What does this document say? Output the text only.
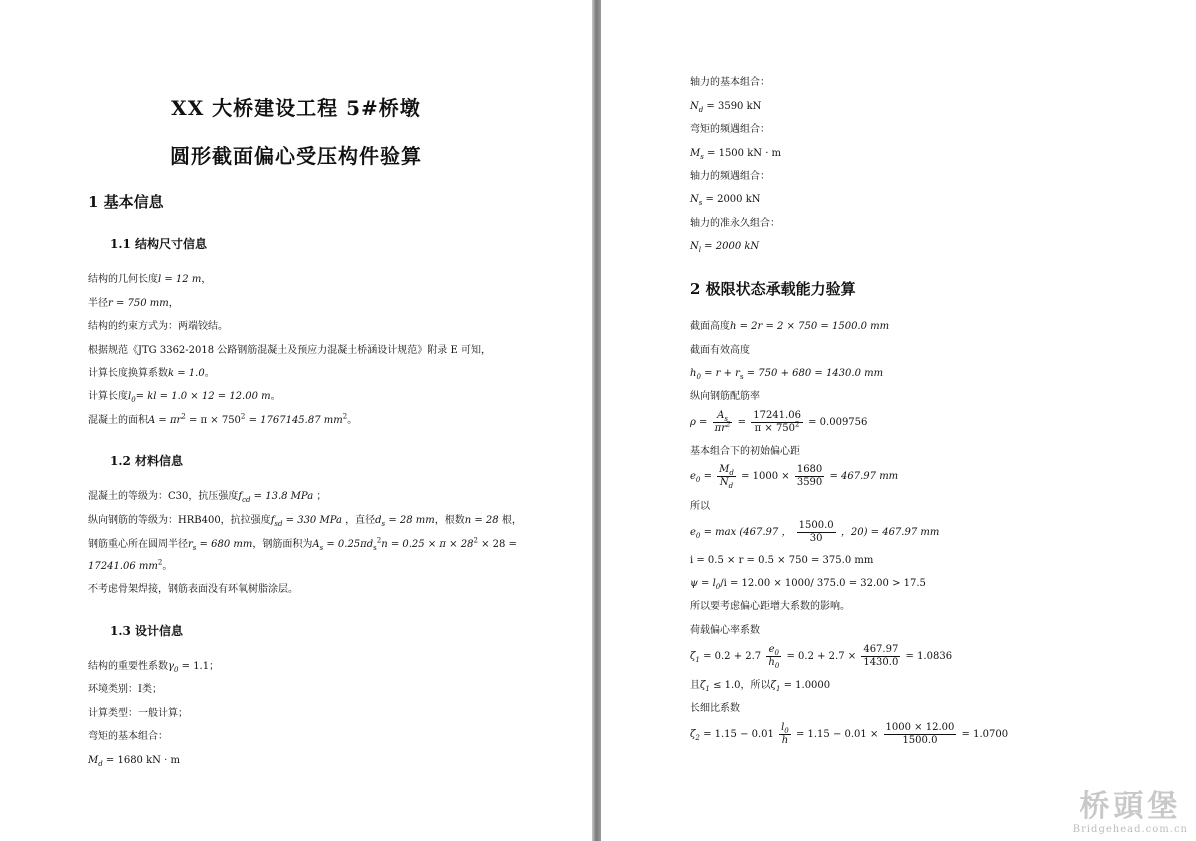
XX 大桥建设工程 5#桥墩
圆形截面偏心受压构件验算
1 基本信息
1.1 结构尺寸信息
结构的几何长度l = 12 m，
半径r = 750 mm，
结构的约束方式为：两端铰结。
根据规范《JTG 3362-2018 公路钢筋混凝土及预应力混凝土桥涵设计规范》附录 E 可知，
计算长度换算系数k = 1.0。
计算长度$l_0=$ kl = 1.0 × 12 = 12.00 m。
混凝土的面积$A = \pi r^2 = \pi \times 750^2 = 1767145.87$ $mm^2$。
1.2 材料信息
混凝土的等级为：C30，抗压强度$f_{cd} = 13.8$ MPa ；
纵向钢筋的等级为：HRB400，抗拉强度$f_{sd} = 330$ MPa ，直径$d_s = 28$ mm，根数n = 28 根，
钢筋重心所在圆周半径$r_s = 680$ mm，钢筋面积为$A_s = 0.25\pi d_s^2n = 0.25 \times \pi \times 28^2 \times 28$ =
17241.06 $mm^2$。
不考虑骨架焊接，钢筋表面没有环氧树脂涂层。
1.3 设计信息
结构的重要性系数$\gamma_0 = 1.1$；
环境类别：Ⅰ类；
计算类型：一般计算；
弯矩的基本组合：
$M_d = 1680$ kN · m
轴力的基本组合：
$N_d = 3590$ kN
弯矩的频遇组合：
$M_s = 1500$ kN · m
轴力的频遇组合：
$N_s = 2000$ kN
轴力的准永久组合：
$N_l = 2000$ kN
2 极限状态承载能力验算
截面高度h = 2r = 2 × 750 = 1500.0 mm
截面有效高度
$h_0 = r + r_s = 750 + 680 = 1430.0$ mm
纵向钢筋配筋率
$\rho = \frac{A_s}{\pi r^2} = \frac{17241.06}{\pi \times 750^2} = 0.009756$
基本组合下的初始偏心距
$e_0 = \frac{M_d}{N_d} = 1000 \times \frac{1680}{3590} = 467.97$ mm
所以
$e_0 = \max (467.97$ ， $\frac{1500.0}{30}$ ，20) = 467.97 mm
i = 0.5 × r = 0.5 × 750 = 375.0 mm
$\psi = l_0/i = 12.00 \times 1000/$ 375.0 = 32.00 > 17.5
所以要考虑偏心距增大系数的影响。
荷载偏心率系数
$\zeta_1 = 0.2 + 2.7 \frac{e_0}{h_0} = 0.2 + 2.7 \times \frac{467.97}{1430.0} = 1.0836$
且$\zeta_1 \le 1.0$，所以$\zeta_1 = 1.0000$
长细比系数
$\zeta_2 = 1.15 - 0.01 \frac{l_0}{h} = 1.15 - 0.01 \times \frac{1000 \times 12.00}{1500.0} = 1.0700$
桥頭堡
Bridgehead.com.cn
